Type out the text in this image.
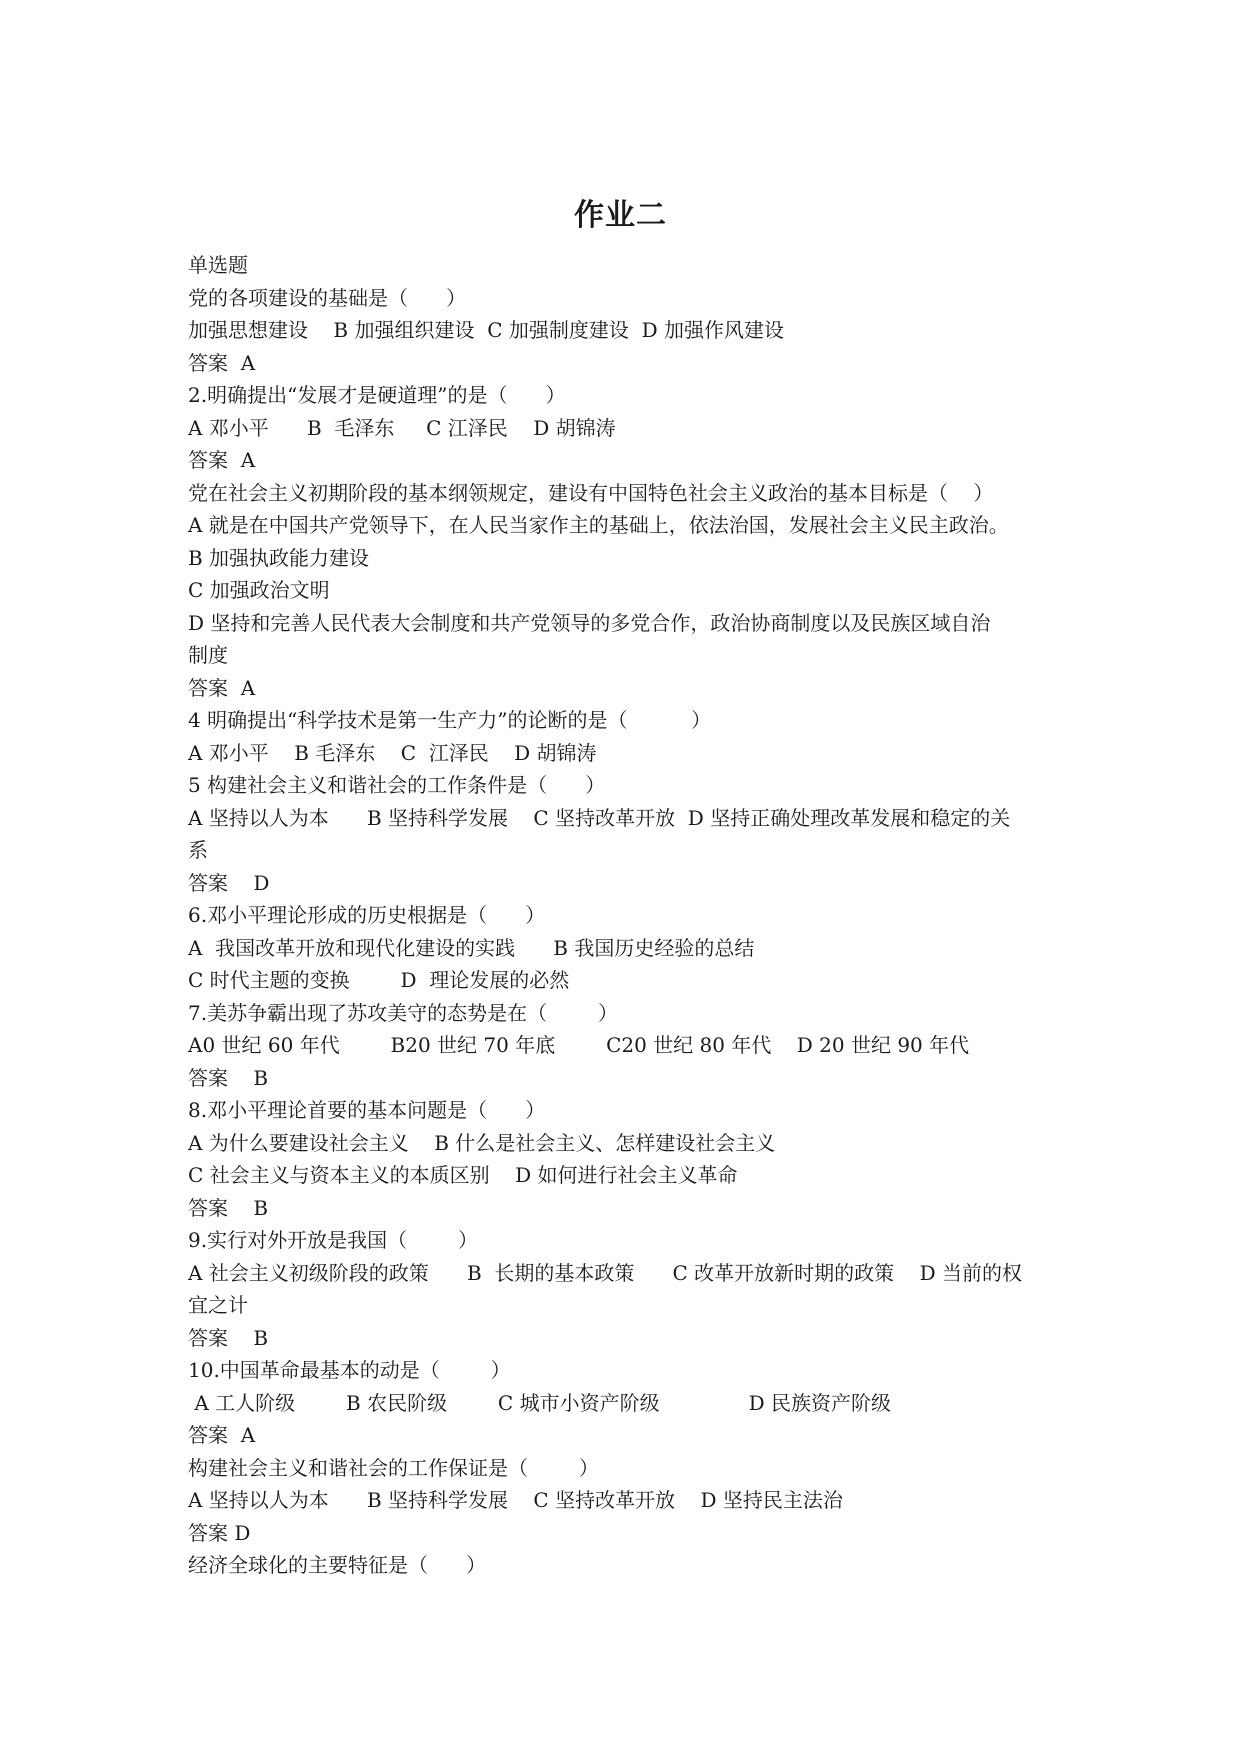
作业二
单选题
党的各项建设的基础是（      ）
加强思想建设    B 加强组织建设  C 加强制度建设  D 加强作风建设
答案  A
2.明确提出“发展才是硬道理”的是（      ）
A 邓小平      B  毛泽东     C 江泽民    D 胡锦涛
答案  A
党在社会主义初期阶段的基本纲领规定，建设有中国特色社会主义政治的基本目标是（    ）
A 就是在中国共产党领导下，在人民当家作主的基础上，依法治国，发展社会主义民主政治。
B 加强执政能力建设
C 加强政治文明
D 坚持和完善人民代表大会制度和共产党领导的多党合作，政治协商制度以及民族区域自治
制度
答案  A
4 明确提出“科学技术是第一生产力”的论断的是（          ）
A 邓小平    B 毛泽东    C  江泽民    D 胡锦涛
5 构建社会主义和谐社会的工作条件是（      ）
A 坚持以人为本      B 坚持科学发展    C 坚持改革开放  D 坚持正确处理改革发展和稳定的关
系
答案    D
6.邓小平理论形成的历史根据是（      ）
A  我国改革开放和现代化建设的实践      B 我国历史经验的总结
C 时代主题的变换        D  理论发展的必然
7.美苏争霸出现了苏攻美守的态势是在（        ）
A0 世纪 60 年代        B20 世纪 70 年底        C20 世纪 80 年代    D 20 世纪 90 年代
答案    B
8.邓小平理论首要的基本问题是（      ）
A 为什么要建设社会主义    B 什么是社会主义、怎样建设社会主义
C 社会主义与资本主义的本质区别    D 如何进行社会主义革命
答案    B
9.实行对外开放是我国（        ）
A 社会主义初级阶段的政策      B  长期的基本政策      C 改革开放新时期的政策    D 当前的权
宜之计
答案    B
10.中国革命最基本的动是（        ）
A 工人阶级        B 农民阶级        C 城市小资产阶级              D 民族资产阶级
答案  A
构建社会主义和谐社会的工作保证是（        ）
A 坚持以人为本      B 坚持科学发展    C 坚持改革开放    D 坚持民主法治
答案 D
经济全球化的主要特征是（      ）
